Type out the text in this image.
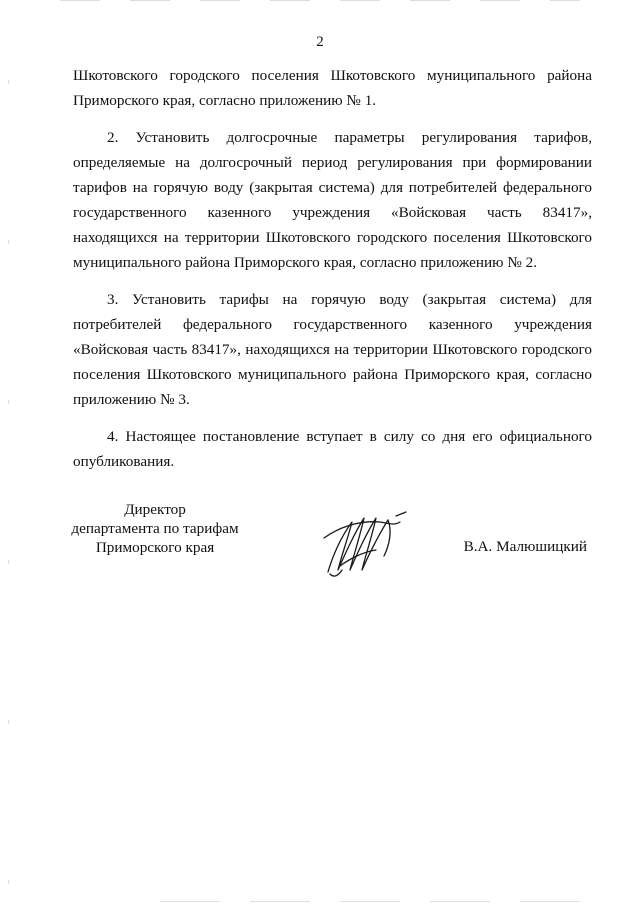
2

Шкотовского городского поселения Шкотовского муниципального района Приморского края, согласно приложению № 1.

2. Установить долгосрочные параметры регулирования тарифов, определяемые на долгосрочный период регулирования при формировании тарифов на горячую воду (закрытая система) для потребителей федерального государственного казенного учреждения «Войсковая часть 83417», находящихся на территории Шкотовского городского поселения Шкотовского муниципального района Приморского края, согласно приложению № 2.

3. Установить тарифы на горячую воду (закрытая система) для потребителей федерального государственного казенного учреждения «Войсковая часть 83417», находящихся на территории Шкотовского городского поселения Шкотовского муниципального района Приморского края, согласно приложению № 3.

4. Настоящее постановление вступает в силу со дня его официального опубликования.

Директор
департамента по тарифам
Приморского края	В.А. Малюшицкий
